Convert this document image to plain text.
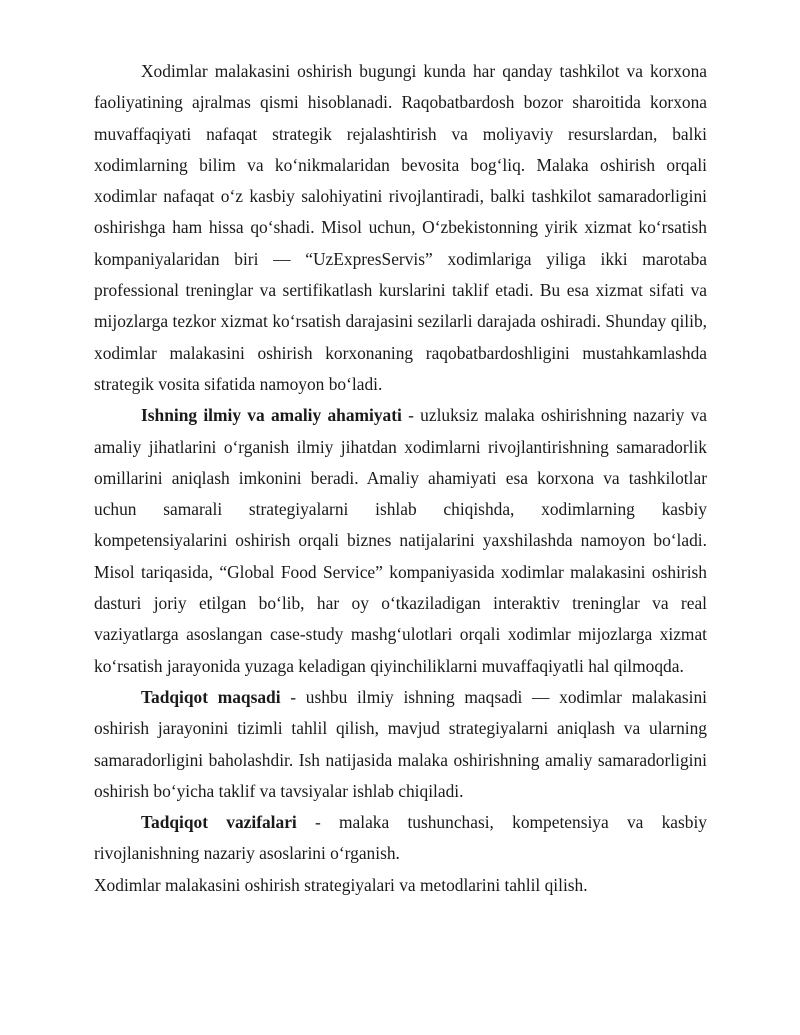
Xodimlar malakasini oshirish bugungi kunda har qanday tashkilot va korxona faoliyatining ajralmas qismi hisoblanadi. Raqobatbardosh bozor sharoitida korxona muvaffaqiyati nafaqat strategik rejalashtirish va moliyaviy resurslardan, balki xodimlarning bilim va ko‘nikmalaridan bevosita bog‘liq. Malaka oshirish orqali xodimlar nafaqat o‘z kasbiy salohiyatini rivojlantiradi, balki tashkilot samaradorligini oshirishga ham hissa qo‘shadi. Misol uchun, O‘zbekistonning yirik xizmat ko‘rsatish kompaniyalaridan biri — “UzExpresServis” xodimlariga yiliga ikki marotaba professional treninglar va sertifikatlash kurslarini taklif etadi. Bu esa xizmat sifati va mijozlarga tezkor xizmat ko‘rsatish darajasini sezilarli darajada oshiradi. Shunday qilib, xodimlar malakasini oshirish korxonaning raqobatbardoshligini mustahkamlashda strategik vosita sifatida namoyon bo‘ladi.

Ishning ilmiy va amaliy ahamiyati - uzluksiz malaka oshirishning nazariy va amaliy jihatlarini o‘rganish ilmiy jihatdan xodimlarni rivojlantirishning samaradorlik omillarini aniqlash imkonini beradi. Amaliy ahamiyati esa korxona va tashkilotlar uchun samarali strategiyalarni ishlab chiqishda, xodimlarning kasbiy kompetensiyalarini oshirish orqali biznes natijalarini yaxshilashda namoyon bo‘ladi. Misol tariqasida, “Global Food Service” kompaniyasida xodimlar malakasini oshirish dasturi joriy etilgan bo‘lib, har oy o‘tkaziladigan interaktiv treninglar va real vaziyatlarga asoslangan case-study mashg‘ulotlari orqali xodimlar mijozlarga xizmat ko‘rsatish jarayonida yuzaga keladigan qiyinchiliklarni muvaffaqiyatli hal qilmoqda.

Tadqiqot maqsadi - ushbu ilmiy ishning maqsadi — xodimlar malakasini oshirish jarayonini tizimli tahlil qilish, mavjud strategiyalarni aniqlash va ularning samaradorligini baholashdir. Ish natijasida malaka oshirishning amaliy samaradorligini oshirish bo‘yicha taklif va tavsiyalar ishlab chiqiladi.

Tadqiqot vazifalari - malaka tushunchasi, kompetensiya va kasbiy rivojlanishning nazariy asoslarini o‘rganish.

Xodimlar malakasini oshirish strategiyalari va metodlarini tahlil qilish.
